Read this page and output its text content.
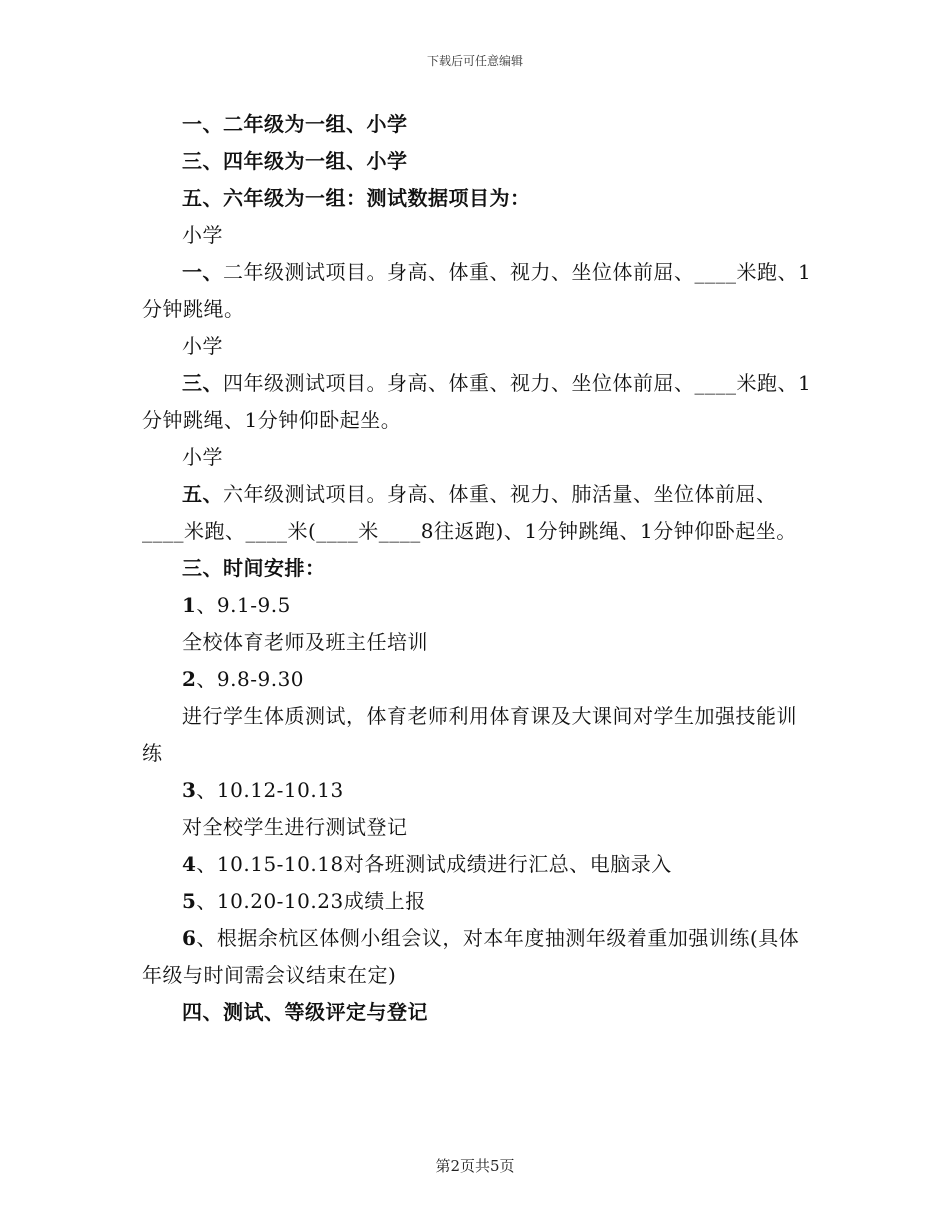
下载后可任意编辑

一、二年级为一组、小学

三、四年级为一组、小学

五、六年级为一组：测试数据项目为：

小学

一、二年级测试项目。身高、体重、视力、坐位体前屈、____米跑、1分钟跳绳。

小学

三、四年级测试项目。身高、体重、视力、坐位体前屈、____米跑、1分钟跳绳、1分钟仰卧起坐。

小学

五、六年级测试项目。身高、体重、视力、肺活量、坐位体前屈、____米跑、____米(____米____8往返跑)、1分钟跳绳、1分钟仰卧起坐。

三、时间安排：

1、9.1-9.5

全校体育老师及班主任培训

2、9.8-9.30

进行学生体质测试，体育老师利用体育课及大课间对学生加强技能训练

3、10.12-10.13

对全校学生进行测试登记

4、10.15-10.18对各班测试成绩进行汇总、电脑录入

5、10.20-10.23成绩上报

6、根据余杭区体侧小组会议，对本年度抽测年级着重加强训练(具体年级与时间需会议结束在定)

四、测试、等级评定与登记

第2页共5页
